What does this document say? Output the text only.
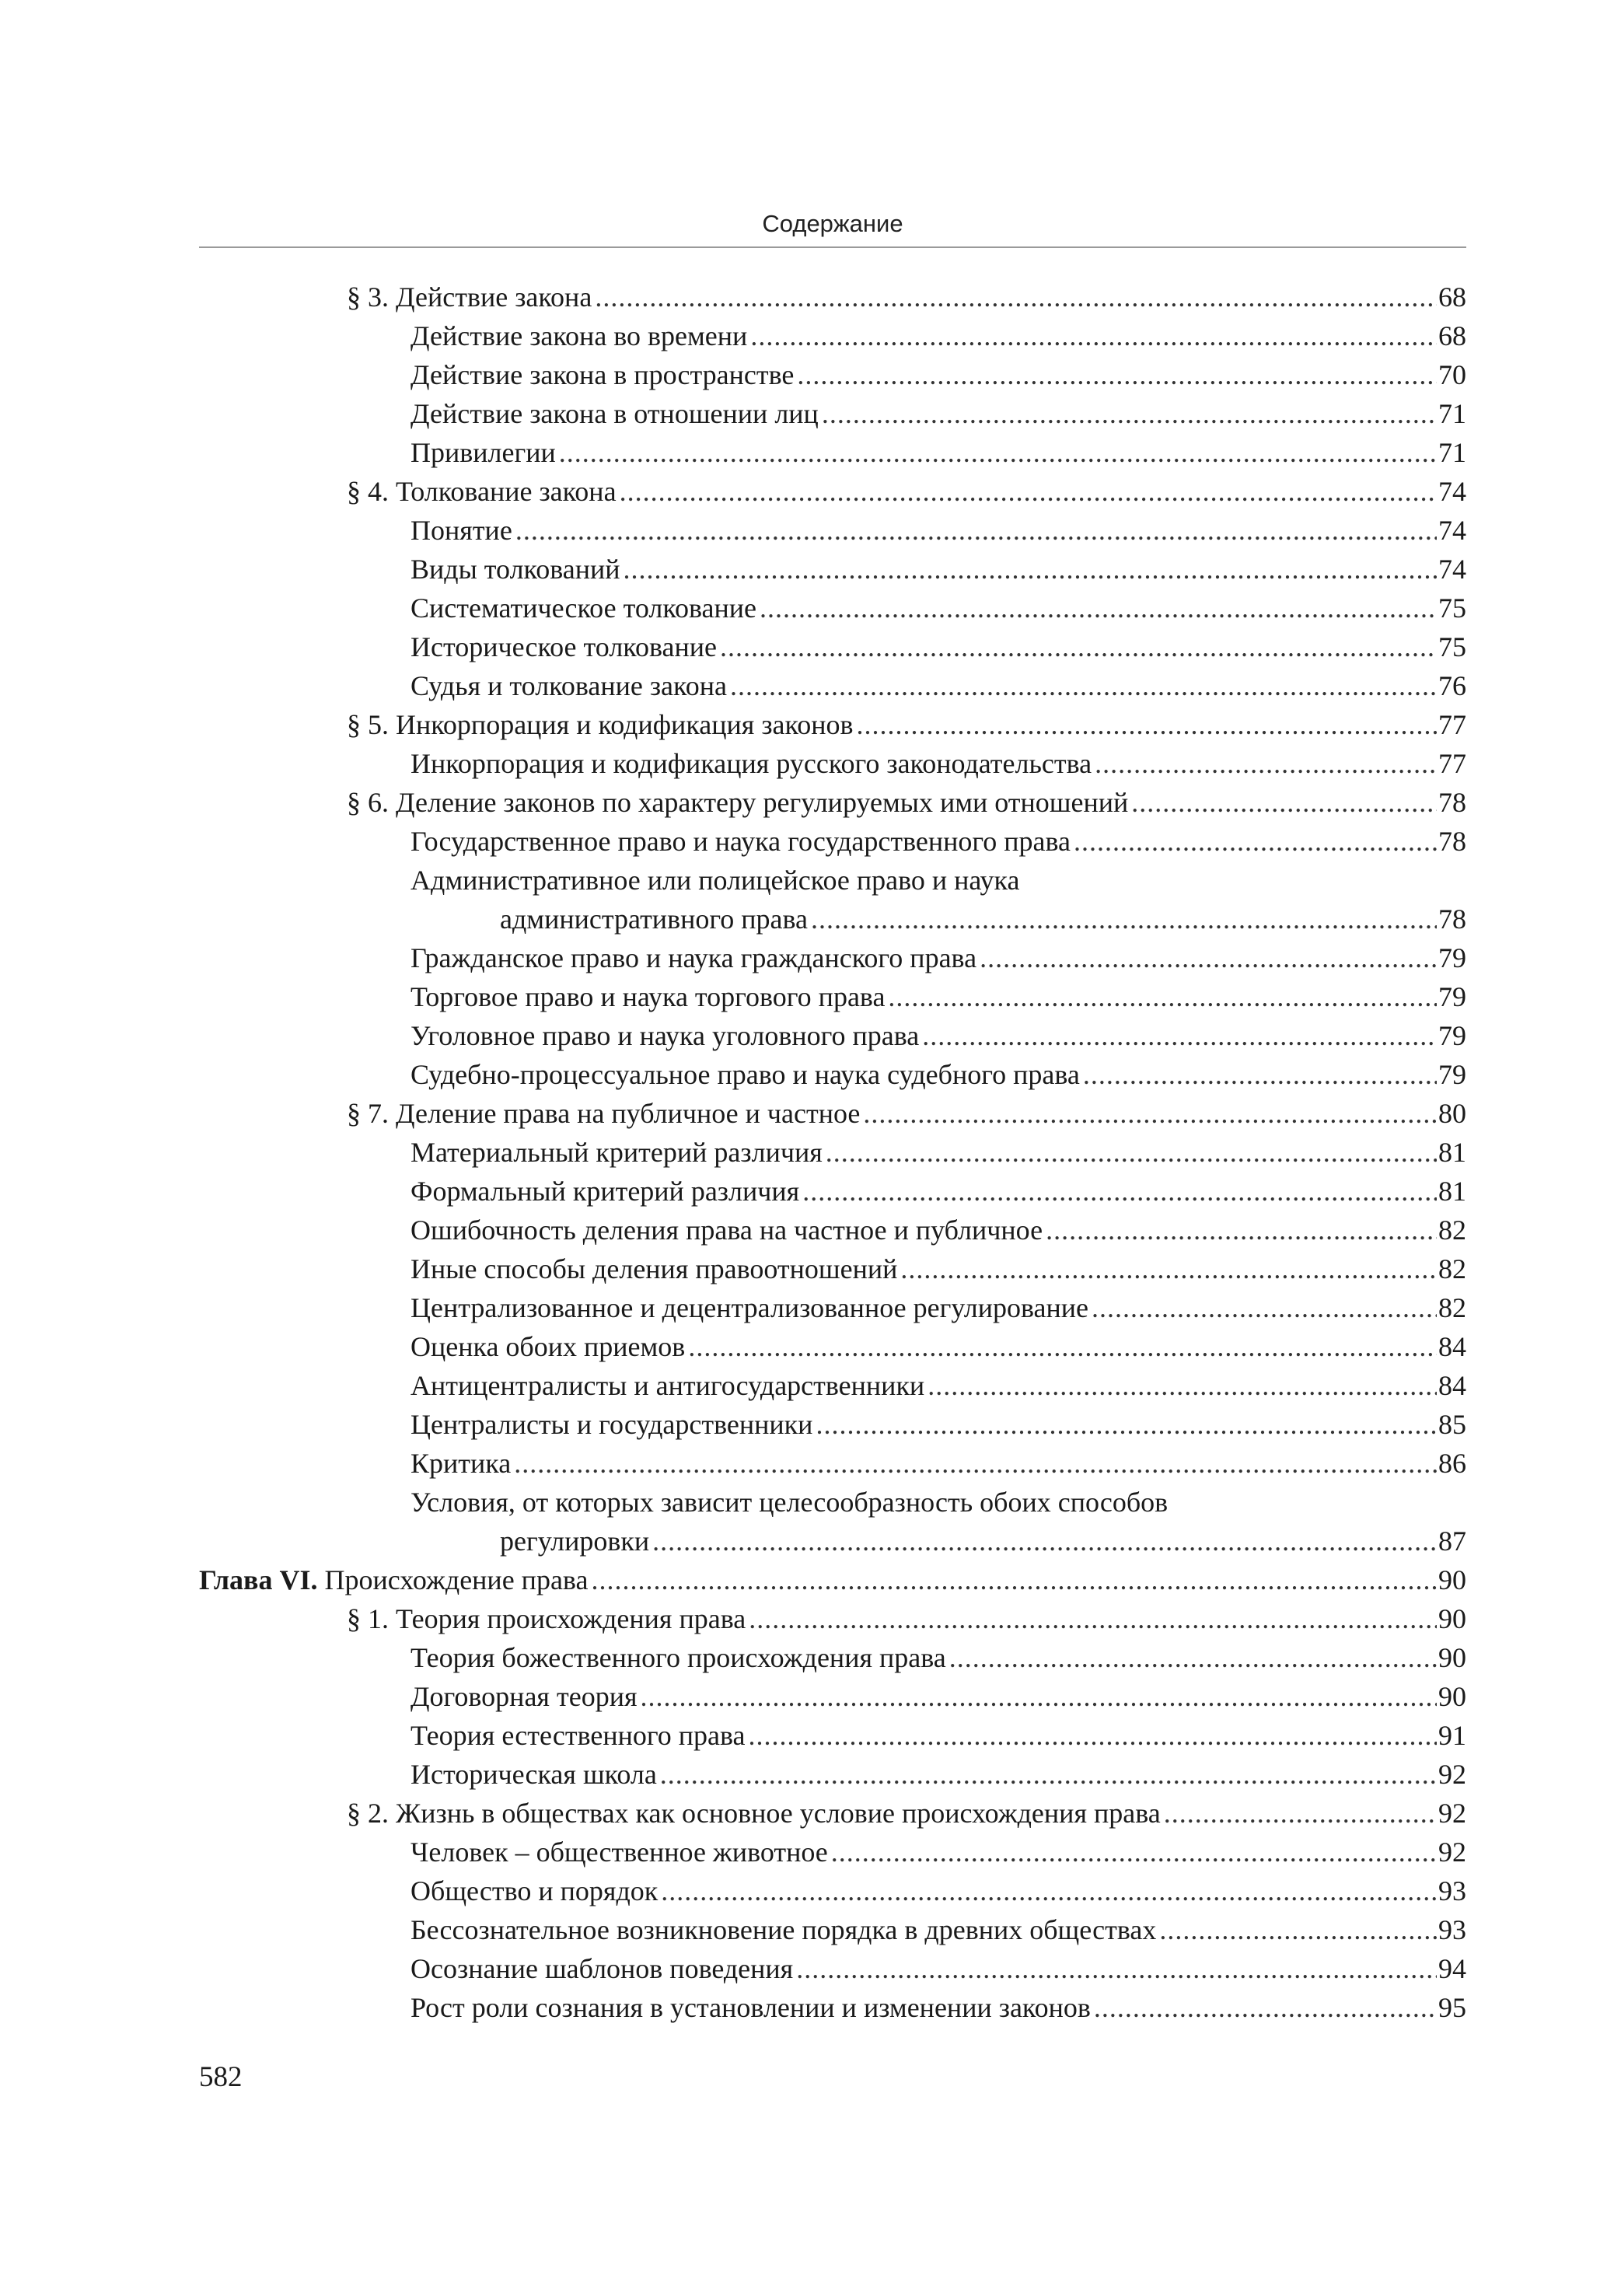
Содержание
§ 3. Действие закона .....	68
Действие закона во времени .....	68
Действие закона в пространстве .....	70
Действие закона в отношении лиц .....	71
Привилегии .....	71
§ 4. Толкование закона .....	74
Понятие .....	74
Виды толкований .....	74
Систематическое толкование .....	75
Историческое толкование .....	75
Судья и толкование закона .....	76
§ 5. Инкорпорация и кодификация законов .....	77
Инкорпорация и кодификация русского законодательства .....	77
§ 6. Деление законов по характеру регулируемых ими отношений .....	78
Государственное право и наука государственного права .....	78
Административное или полицейское право и наука
административного права .....	78
Гражданское право и наука гражданского права .....	79
Торговое право и наука торгового права .....	79
Уголовное право и наука уголовного права .....	79
Судебно-процессуальное право и наука судебного права .....	79
§ 7. Деление права на публичное и частное .....	80
Материальный критерий различия .....	81
Формальный критерий различия .....	81
Ошибочность деления права на частное и публичное .....	82
Иные способы деления правоотношений .....	82
Централизованное и децентрализованное регулирование .....	82
Оценка обоих приемов .....	84
Антицентралисты и антигосударственники .....	84
Централисты и государственники .....	85
Критика .....	86
Условия, от которых зависит целесообразность обоих способов
регулировки .....	87
Глава VI. Происхождение права .....	90
§ 1. Теория происхождения права .....	90
Теория божественного происхождения права .....	90
Договорная теория .....	90
Теория естественного права .....	91
Историческая школа .....	92
§ 2. Жизнь в обществах как основное условие происхождения права .....	92
Человек – общественное животное .....	92
Общество и порядок .....	93
Бессознательное возникновение порядка в древних обществах .....	93
Осознание шаблонов поведения .....	94
Рост роли сознания в установлении и изменении законов .....	95
582
